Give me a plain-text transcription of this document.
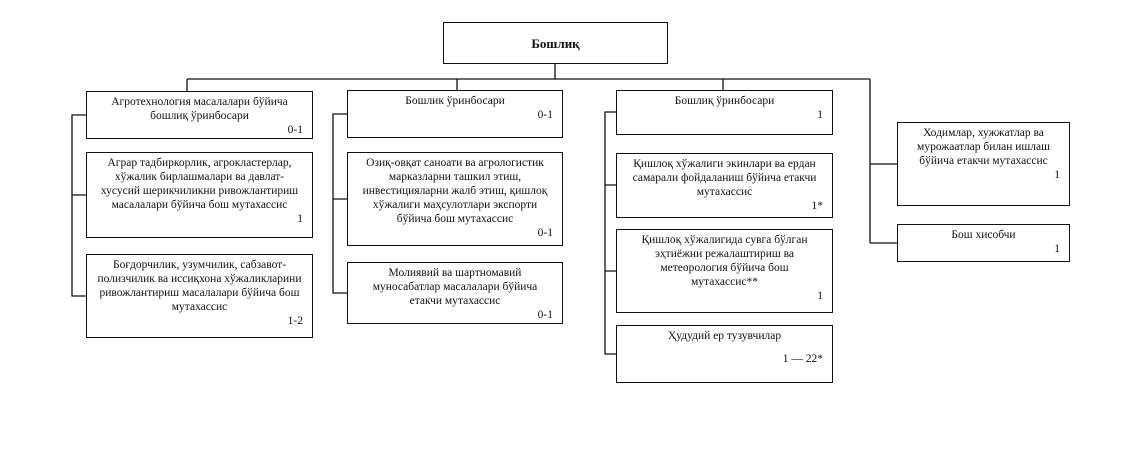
Бошлиқ
Агротехнология масалалари бўйича бошлиқ ўринбосари
0-1
Аграр тадбиркорлик, агрокластерлар, хўжалик бирлашмалари ва давлат-хусусий шерикчиликни ривожлантириш масалалари бўйича бош мутахассис
1
Боғдорчилик, узумчилик, сабзавот-полизчилик ва иссиқхона хўжаликларини ривожлантириш масалалари бўйича бош мутахассис
1-2
Бошлик ўринбосари
0-1
Озиқ-овқат саноати ва агрологистик марказларни ташкил этиш, инвестицияларни жалб этиш, қишлоқ хўжалиги маҳсулотлари экспорти бўйича бош мутахассис
0-1
Молиявий ва шартномавий муносабатлар масалалари бўйича етакчи мутахассис
0-1
Бошлиқ ўринбосари
1
Қишлоқ хўжалиги экинлари ва ердан самарали фойдаланиш бўйича етакчи мутахассис
1*
Қишлоқ хўжалигида сувга бўлган эҳтиёжни режалаштириш ва метеорология бўйича бош мутахассис**
1
Ҳудудий ер тузувчилар
1 — 22*
Ходимлар, хужжатлар ва мурожаатлар билан ишлаш бўйича етакчи мутахассис
1
Бош хисобчи
1
